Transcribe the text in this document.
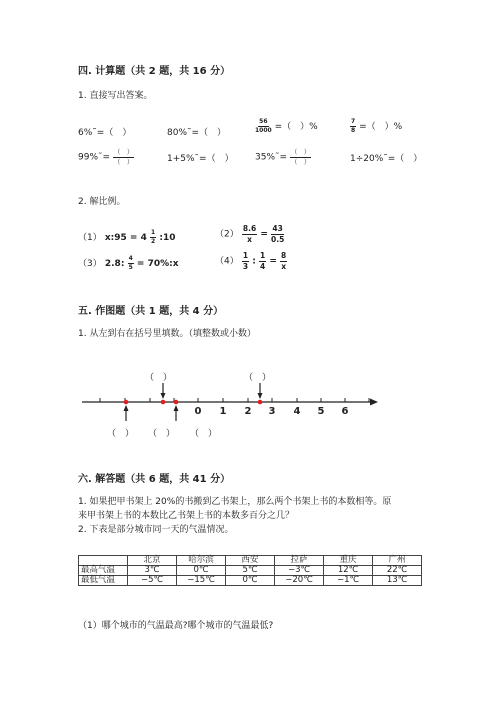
四. 计算题（共 2 题，共 16 分）
1. 直接写出答案。
6%˜=（　）	80%˜=（　）	$\frac{56}{1000}$ =（　）%	$\frac{7}{8}$ =（　）%
99%˜= $\frac{( )}{( )}$	1+5%˜=（　） 35%˜= $\frac{( )}{( )}$	1÷20%˜=（　）
2. 解比例。
（1） x:95 = $4 \frac{1}{2}$ :10	$(2) \frac{8.6}{x} = \frac{43}{0.5}$
（3） 2.8: $\frac{4}{5}$ = 70%:x	$(4) \frac{1}{3}$ : $\frac{1}{4} = \frac{8}{x}$
五. 作图题（共 1 题，共 4 分）
1. 从左到右在括号里填数。（填整数或小数）
0 1 2 3 4 5 6
（　）	（　）
（　） （　） （　）
六. 解答题（共 6 题，共 41 分）
1. 如果把甲书架上 20%的书搬到乙书架上，那么两个书架上书的本数相等。原
来甲书架上书的本数比乙书架上书的本数多百分之几？
2. 下表是部分城市同一天的气温情况。
	北京	哈尔滨	西安	拉萨	重庆	广州
最高气温	3℃	0℃	5℃	−3℃	12℃	22℃
最低气温	−5℃	−15℃	0℃	−20℃	−1℃	13℃
（1）哪个城市的气温最高?哪个城市的气温最低?
